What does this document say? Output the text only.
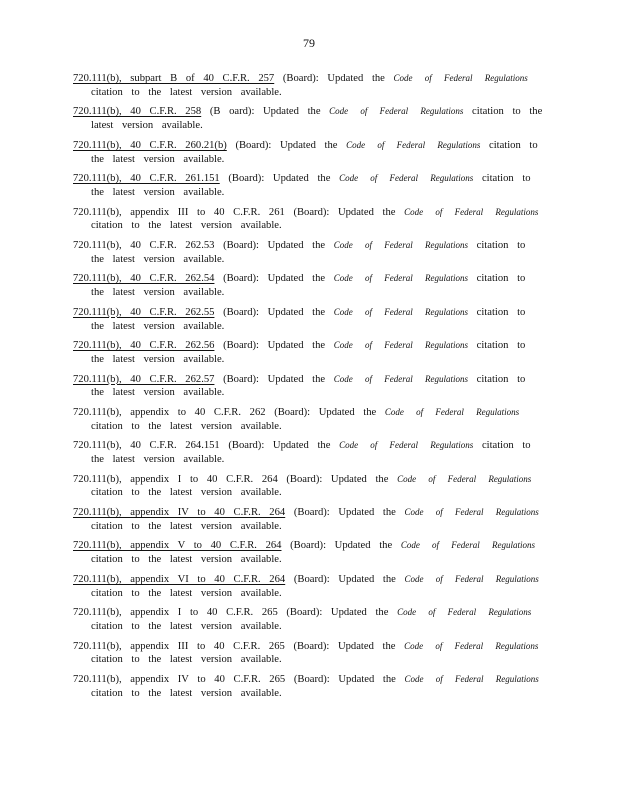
79

720.111(b), subpart B of 40 C.F.R. 257 (Board): Updated the Code of Federal Regulations citation to the latest version available.

720.111(b), 40 C.F.R. 258 (B oard): Updated the Code of Federal Regulations citation to the latest version available.

720.111(b), 40 C.F.R. 260.21(b) (Board): Updated the Code of Federal Regulations citation to the latest version available.

720.111(b), 40 C.F.R. 261.151 (Board): Updated the Code of Federal Regulations citation to the latest version available.

720.111(b), appendix III to 40 C.F.R. 261 (Board): Updated the Code of Federal Regulations citation to the latest version available.

720.111(b), 40 C.F.R. 262.53 (Board): Updated the Code of Federal Regulations citation to the latest version available.

720.111(b), 40 C.F.R. 262.54 (Board): Updated the Code of Federal Regulations citation to the latest version available.

720.111(b), 40 C.F.R. 262.55 (Board): Updated the Code of Federal Regulations citation to the latest version available.

720.111(b), 40 C.F.R. 262.56 (Board): Updated the Code of Federal Regulations citation to the latest version available.

720.111(b), 40 C.F.R. 262.57 (Board): Updated the Code of Federal Regulations citation to the latest version available.

720.111(b), appendix to 40 C.F.R. 262 (Board): Updated the Code of Federal Regulations citation to the latest version available.

720.111(b), 40 C.F.R. 264.151 (Board): Updated the Code of Federal Regulations citation to the latest version available.

720.111(b), appendix I to 40 C.F.R. 264 (Board): Updated the Code of Federal Regulations citation to the latest version available.

720.111(b), appendix IV to 40 C.F.R. 264 (Board): Updated the Code of Federal Regulations citation to the latest version available.

720.111(b), appendix V to 40 C.F.R. 264 (Board): Updated the Code of Federal Regulations citation to the latest version available.

720.111(b), appendix VI to 40 C.F.R. 264 (Board): Updated the Code of Federal Regulations citation to the latest version available.

720.111(b), appendix I to 40 C.F.R. 265 (Board): Updated the Code of Federal Regulations citation to the latest version available.

720.111(b), appendix III to 40 C.F.R. 265 (Board): Updated the Code of Federal Regulations citation to the latest version available.

720.111(b), appendix IV to 40 C.F.R. 265 (Board): Updated the Code of Federal Regulations citation to the latest version available.
